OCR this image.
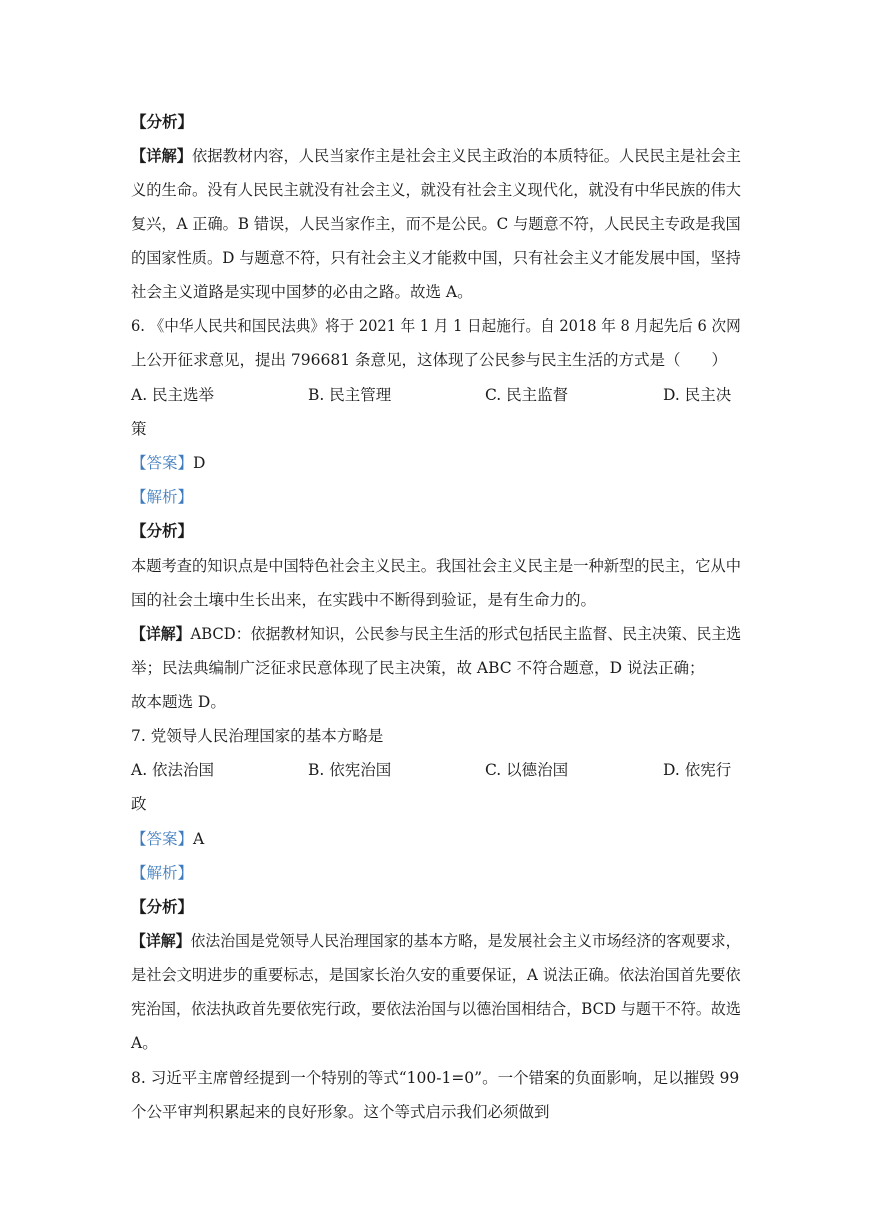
【分析】
【详解】依据教材内容，人民当家作主是社会主义民主政治的本质特征。人民民主是社会主
义的生命。没有人民民主就没有社会主义，就没有社会主义现代化，就没有中华民族的伟大
复兴，A 正确。B 错误，人民当家作主，而不是公民。C 与题意不符，人民民主专政是我国
的国家性质。D 与题意不符，只有社会主义才能救中国，只有社会主义才能发展中国，坚持
社会主义道路是实现中国梦的必由之路。故选 A。
6. 《中华人民共和国民法典》将于 2021 年 1 月 1 日起施行。自 2018 年 8 月起先后 6 次网
上公开征求意见，提出 796681 条意见，这体现了公民参与民主生活的方式是（　　）
A. 民主选举	B. 民主管理	C. 民主监督	D. 民主决
策
【答案】D
【解析】
【分析】
本题考查的知识点是中国特色社会主义民主。我国社会主义民主是一种新型的民主，它从中
国的社会土壤中生长出来，在实践中不断得到验证，是有生命力的。
【详解】ABCD：依据教材知识，公民参与民主生活的形式包括民主监督、民主决策、民主选
举；民法典编制广泛征求民意体现了民主决策，故 ABC 不符合题意，D 说法正确；
故本题选 D。
7. 党领导人民治理国家的基本方略是
A. 依法治国	B. 依宪治国	C. 以德治国	D. 依宪行
政
【答案】A
【解析】
【分析】
【详解】依法治国是党领导人民治理国家的基本方略，是发展社会主义市场经济的客观要求，
是社会文明进步的重要标志，是国家长治久安的重要保证，A 说法正确。依法治国首先要依
宪治国，依法执政首先要依宪行政，要依法治国与以德治国相结合，BCD 与题干不符。故选
A。
8. 习近平主席曾经提到一个特别的等式“100-1=0”。一个错案的负面影响，足以摧毁 99
个公平审判积累起来的良好形象。这个等式启示我们必须做到
